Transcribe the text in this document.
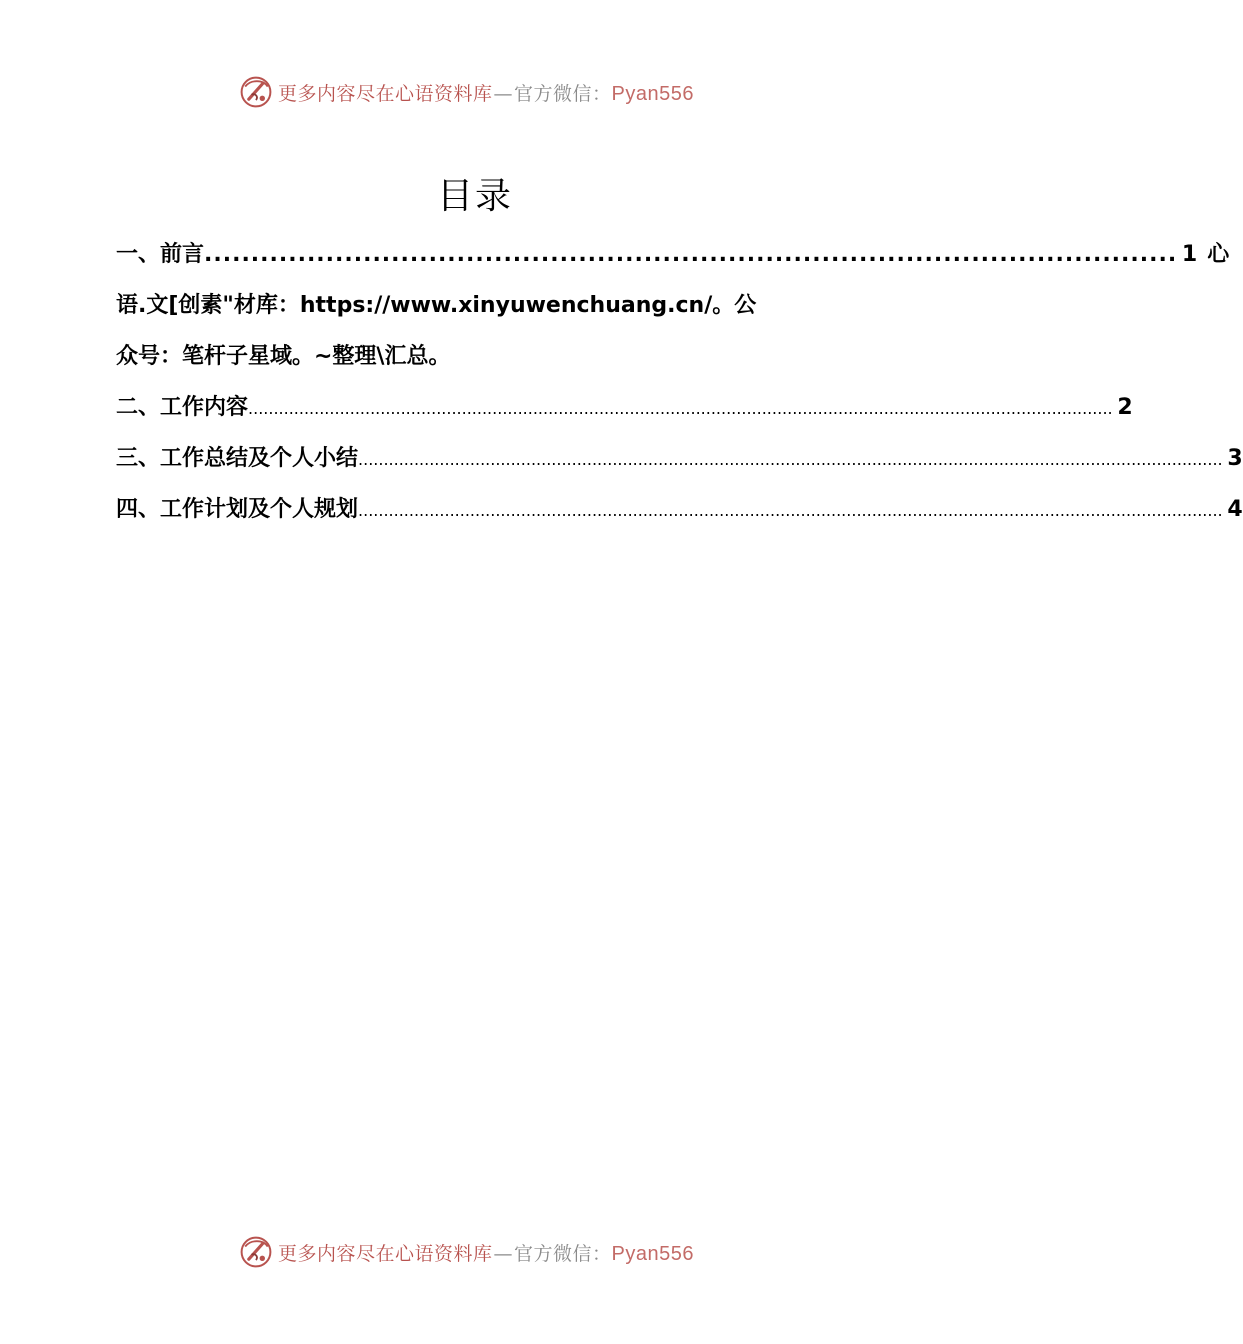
更多内容尽在心语资料库—官方微信：Pyan556
目录
一、前言 ........................................................................................................ 1 心
语.文[创素"材库：https://www.xinyuwenchuang.cn/。公
众号：笔杆子星域。~整理\汇总。
二、工作内容 .......................................................................................................................................................................... 2
三、工作总结及个人小结 .......................................................................................................................................................................... 3
四、工作计划及个人规划 .......................................................................................................................................................................... 4
更多内容尽在心语资料库—官方微信：Pyan556
